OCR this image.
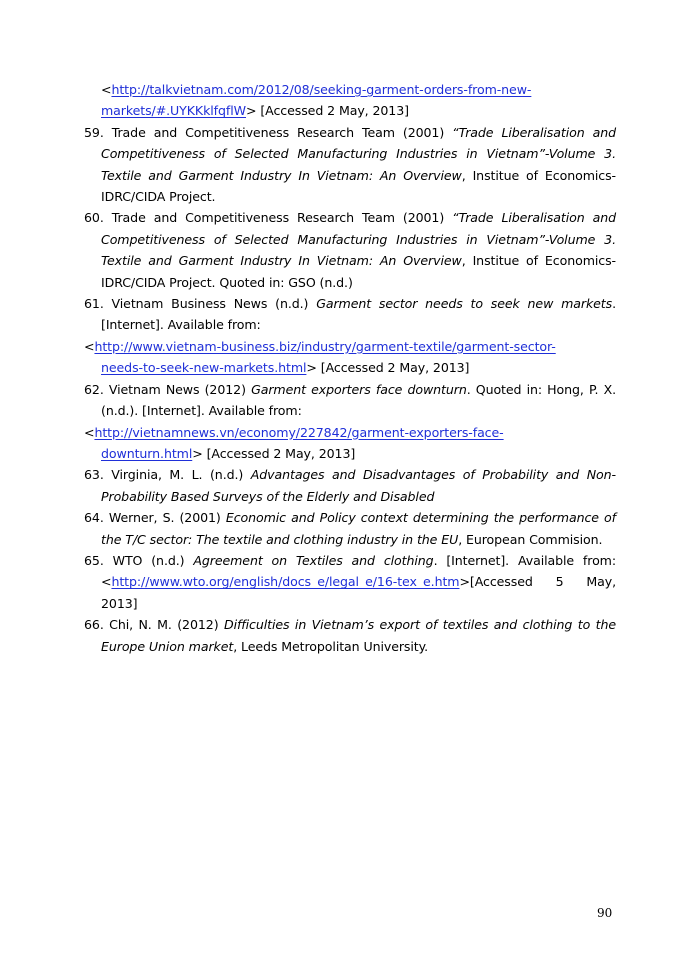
<http://talkvietnam.com/2012/08/seeking-garment-orders-from-new-
markets/#.UYKKklfqflW> [Accessed 2 May, 2013]

59. Trade and Competitiveness Research Team (2001) “Trade Liberalisation and Competitiveness of Selected Manufacturing Industries in Vietnam”-Volume 3. Textile and Garment Industry In Vietnam: An Overview, Institue of Economics-IDRC/CIDA Project.

60. Trade and Competitiveness Research Team (2001) “Trade Liberalisation and Competitiveness of Selected Manufacturing Industries in Vietnam”-Volume 3. Textile and Garment Industry In Vietnam: An Overview, Institue of Economics-IDRC/CIDA Project. Quoted in: GSO (n.d.)

61. Vietnam Business News (n.d.) Garment sector needs to seek new markets. [Internet]. Available from:
<http://www.vietnam-business.biz/industry/garment-textile/garment-sector-
needs-to-seek-new-markets.html> [Accessed 2 May, 2013]

62. Vietnam News (2012) Garment exporters face downturn. Quoted in: Hong, P. X. (n.d.). [Internet]. Available from:
<http://vietnamnews.vn/economy/227842/garment-exporters-face-
downturn.html> [Accessed 2 May, 2013]

63. Virginia, M. L. (n.d.) Advantages and Disadvantages of Probability and Non-Probability Based Surveys of the Elderly and Disabled

64. Werner, S. (2001) Economic and Policy context determining the performance of the T/C sector: The textile and clothing industry in the EU, European Commision.

65. WTO (n.d.) Agreement on Textiles and clothing. [Internet]. Available from: <http://www.wto.org/english/docs_e/legal_e/16-tex_e.htm>[Accessed 5 May, 2013]

66. Chi, N. M. (2012) Difficulties in Vietnam’s export of textiles and clothing to the Europe Union market, Leeds Metropolitan University.

90
